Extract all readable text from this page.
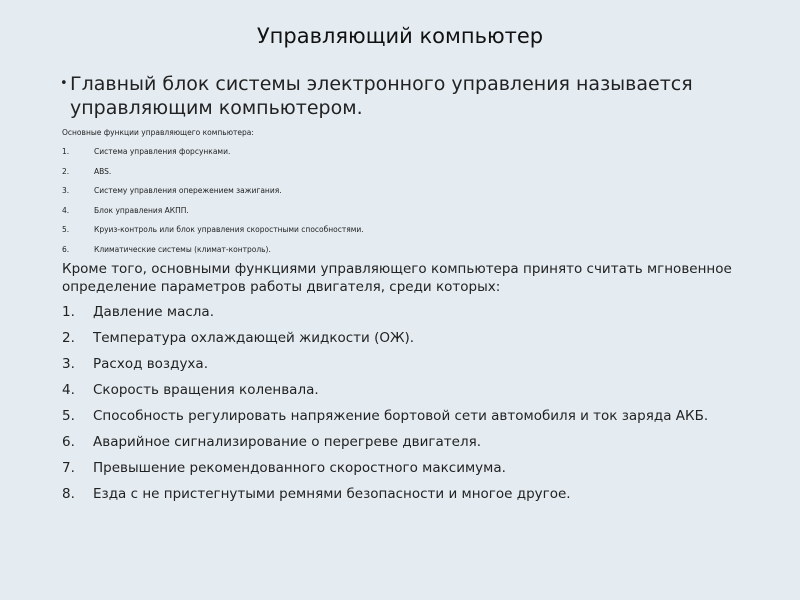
Управляющий компьютер
• Главный блок системы электронного управления называется управляющим компьютером.
Основные функции управляющего компьютера:
1.	Система управления форсунками.
2.	ABS.
3.	Систему управления опережением зажигания.
4.	Блок управления АКПП.
5.	Круиз-контроль или блок управления скоростными способностями.
6.	Климатические системы (климат-контроль).
Кроме того, основными функциями управляющего компьютера принято считать мгновенное определение параметров работы двигателя, среди которых:
1.	Давление масла.
2.	Температура охлаждающей жидкости (ОЖ).
3.	Расход воздуха.
4.	Скорость вращения коленвала.
5. Способность регулировать напряжение бортовой сети автомобиля и ток заряда АКБ.
6.	Аварийное сигнализирование о перегреве двигателя.
7.	Превышение рекомендованного скоростного максимума.
8.	Езда с не пристегнутыми ремнями безопасности и многое другое.
